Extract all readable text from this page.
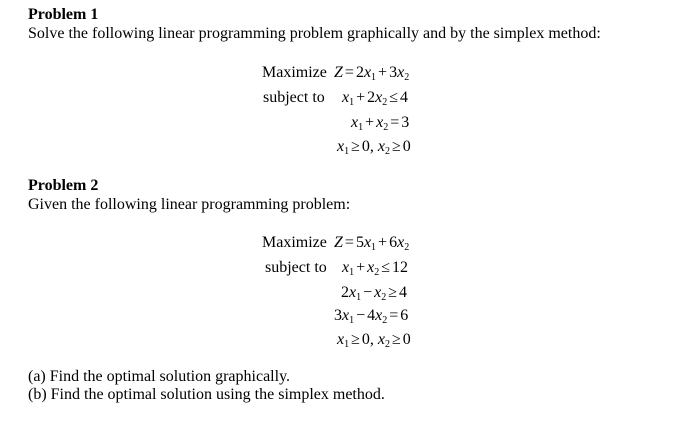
Problem 1
Solve the following linear programming problem graphically and by the simplex method:
Maximize $Z = 2x_1 + 3x_2$
subject to $x_1 + 2x_2 \le 4$
$x_1 + x_2 = 3$
$x_1 \ge 0$, $x_2 \ge 0$
Problem 2
Given the following linear programming problem:
Maximize $Z = 5x_1 + 6x_2$
subject to $x_1 + x_2 \le 12$
$2x_1 - x_2 \ge 4$
$3x_1 - 4x_2 = 6$
$x_1 \ge 0$, $x_2 \ge 0$
(a) Find the optimal solution graphically.
(b) Find the optimal solution using the simplex method.
